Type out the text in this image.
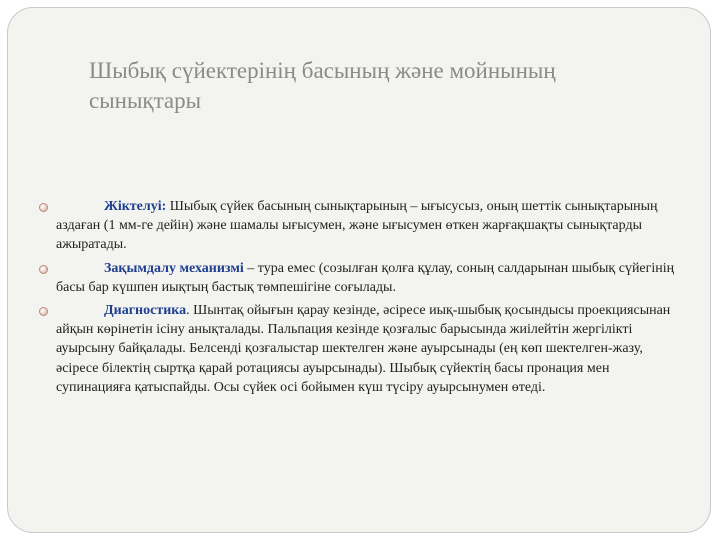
Шыбық сүйектерінің басының және мойнының сынықтары
Жіктелуі: Шыбық сүйек басының сынықтарының – ығысусыз, оның шеттік сынықтарының аздаған (1 мм-ге дейін) және шамалы ығысумен, және ығысумен өткен жарғақшақты сынықтарды ажыратады.
Зақымдалу механизмі – тура емес (созылған қолға құлау, соның салдарынан шыбық сүйегінің басы бар күшпен иықтың бастық төмпешігіне соғылады.
Диагностика. Шынтақ ойығын қарау кезінде, әсіресе иық-шыбық қосындысы проекциясынан айқын көрінетін ісіну анықталады. Пальпация кезінде қозғалыс барысында жиілейтін жергілікті ауырсыну байқалады. Белсенді қозғалыстар шектелген және ауырсынады (ең көп шектелген-жазу, әсіресе білектің сыртқа қарай ротациясы ауырсынады). Шыбық сүйектің басы пронация мен супинацияға қатыспайды. Осы сүйек осі бойымен күш түсіру ауырсынумен өтеді.
